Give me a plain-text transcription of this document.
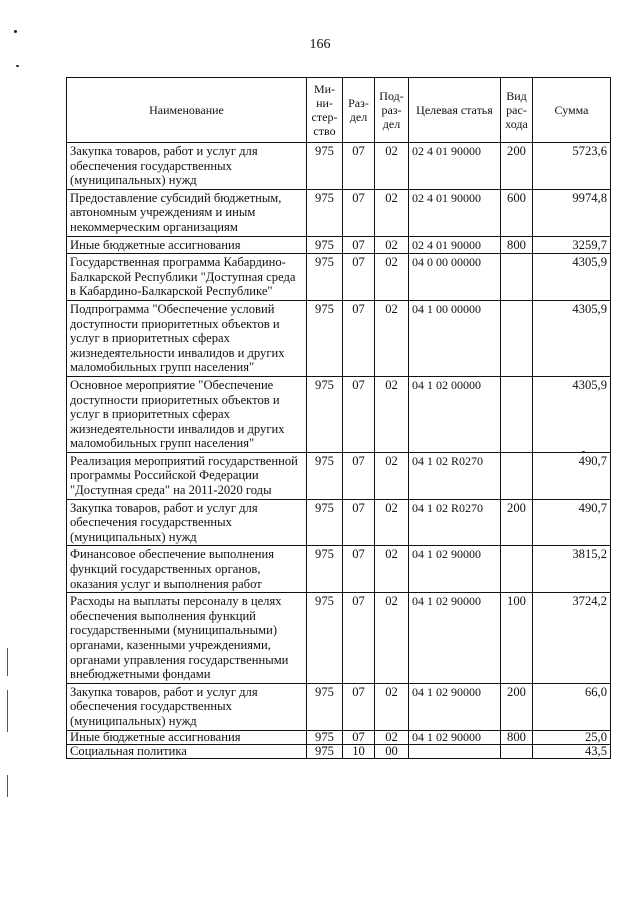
166
Наименование	Ми-ни-стер-ство	Раз-дел	Под-раз-дел	Целевая статья	Вид рас-хода	Сумма
Закупка товаров, работ и услуг для обеспечения государственных (муниципальных) нужд	975	07	02	02 4 01 90000	200	5723,6
Предоставление субсидий бюджетным, автономным учреждениям и иным некоммерческим организациям	975	07	02	02 4 01 90000	600	9974,8
Иные бюджетные ассигнования	975	07	02	02 4 01 90000	800	3259,7
Государственная программа Кабардино-Балкарской Республики "Доступная среда в Кабардино-Балкарской Республике"	975	07	02	04 0 00 00000		4305,9
Подпрограмма "Обеспечение условий доступности приоритетных объектов и услуг в приоритетных сферах жизнедеятельности инвалидов и других маломобильных групп населения"	975	07	02	04 1 00 00000		4305,9
Основное мероприятие "Обеспечение доступности приоритетных объектов и услуг в приоритетных сферах жизнедеятельности инвалидов и других маломобильных групп населения"	975	07	02	04 1 02 00000		4305,9
Реализация мероприятий государственной программы Российской Федерации "Доступная среда" на 2011-2020 годы	975	07	02	04 1 02 R0270		490,7
Закупка товаров, работ и услуг для обеспечения государственных (муниципальных) нужд	975	07	02	04 1 02 R0270	200	490,7
Финансовое обеспечение выполнения функций государственных органов, оказания услуг и выполнения работ	975	07	02	04 1 02 90000		3815,2
Расходы на выплаты персоналу в целях обеспечения выполнения функций государственными (муниципальными) органами, казенными учреждениями, органами управления государственными внебюджетными фондами	975	07	02	04 1 02 90000	100	3724,2
Закупка товаров, работ и услуг для обеспечения государственных (муниципальных) нужд	975	07	02	04 1 02 90000	200	66,0
Иные бюджетные ассигнования	975	07	02	04 1 02 90000	800	25,0
Социальная политика	975	10	00			43,5
